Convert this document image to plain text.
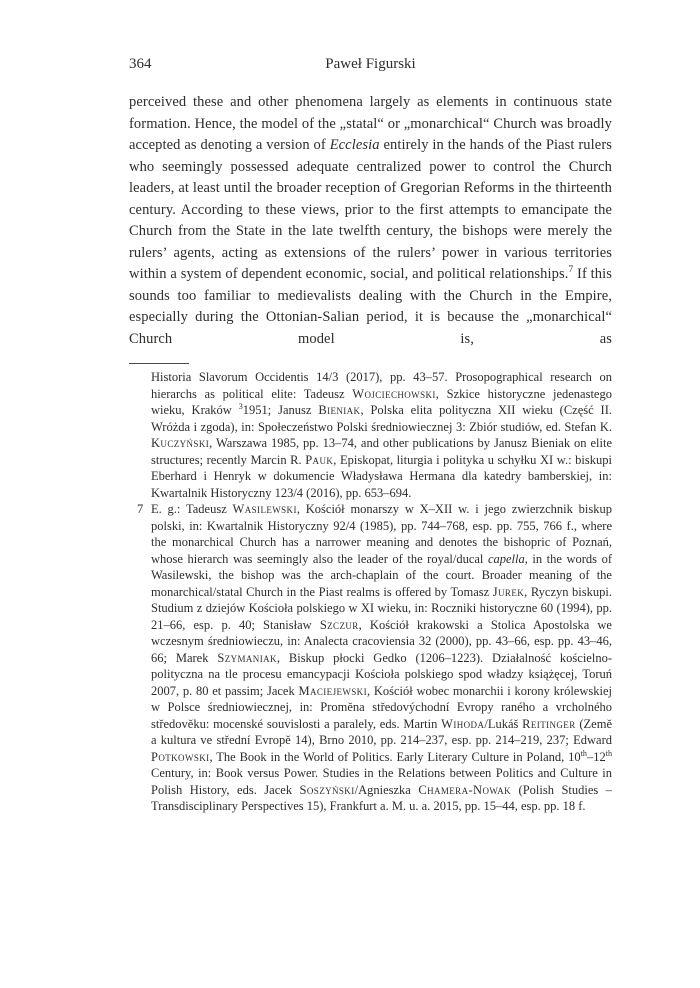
364	Paweł Figurski
perceived these and other phenomena largely as elements in continuous state formation. Hence, the model of the „statal“ or „monarchical“ Church was broadly accepted as denoting a version of Ecclesia entirely in the hands of the Piast rulers who seemingly possessed adequate centralized power to control the Church leaders, at least until the broader reception of Gregorian Reforms in the thirteenth century. According to these views, prior to the first attempts to emancipate the Church from the State in the late twelfth century, the bishops were merely the rulers’ agents, acting as extensions of the rulers’ power in various territories within a system of dependent economic, social, and political relationships.$^7$ If this sounds too familiar to medievalists dealing with the Church in the Empire, especially during the Ottonian-Salian period, it is because the „monarchical“ Church model is, as
Historia Slavorum Occidentis 14/3 (2017), pp. 43–57. Prosopographical research on hierarchs as political elite: Tadeusz Wojciechowski, Szkice historyczne jedenastego wieku, Kraków $^3$1951; Janusz Bieniak, Polska elita polityczna XII wieku (Część II. Wróżda i zgoda), in: Społeczeństwo Polski średniowiecznej 3: Zbiór studiów, ed. Stefan K. Kuczyński, Warszawa 1985, pp. 13–74, and other publications by Janusz Bieniak on elite structures; recently Marcin R. Pauk, Episkopat, liturgia i polityka u schyłku XI w.: biskupi Eberhard i Henryk w dokumencie Władysława Hermana dla katedry bamberskiej, in: Kwartalnik Historyczny 123/4 (2016), pp. 653–694.
7 E. g.: Tadeusz Wasilewski, Kościół monarszy w X–XII w. i jego zwierzchnik biskup polski, in: Kwartalnik Historyczny 92/4 (1985), pp. 744–768, esp. pp. 755, 766 f., where the monarchical Church has a narrower meaning and denotes the bishopric of Poznań, whose hierarch was seemingly also the leader of the royal/ducal capella, in the words of Wasilewski, the bishop was the arch-chaplain of the court. Broader meaning of the monarchical/statal Church in the Piast realms is offered by Tomasz Jurek, Ryczyn biskupi. Studium z dziejów Kościoła polskiego w XI wieku, in: Roczniki historyczne 60 (1994), pp. 21–66, esp. p. 40; Stanisław Szczur, Kościół krakowski a Stolica Apostolska we wczesnym średniowieczu, in: Analecta cracoviensia 32 (2000), pp. 43–66, esp. pp. 43–46, 66; Marek Szymaniak, Biskup płocki Gedko (1206–1223). Działalność kościelno-polityczna na tle procesu emancypacji Kościoła polskiego spod władzy książęcej, Toruń 2007, p. 80 et passim; Jacek Maciejewski, Kościół wobec monarchii i korony królewskiej w Polsce średniowiecznej, in: Proměna středovýchodní Evropy raného a vrcholného středověku: mocenské souvislosti a paralely, eds. Martin Wihoda/Lukáš Reitinger (Země a kultura ve střední Evropě 14), Brno 2010, pp. 214–237, esp. pp. 214–219, 237; Edward Potkowski, The Book in the World of Politics. Early Literary Culture in Poland, 10th–12th Century, in: Book versus Power. Studies in the Relations between Politics and Culture in Polish History, eds. Jacek Soszyński/Agnieszka Chamera-Nowak (Polish Studies – Transdisciplinary Perspectives 15), Frankfurt a. M. u. a. 2015, pp. 15–44, esp. pp. 18 f.
